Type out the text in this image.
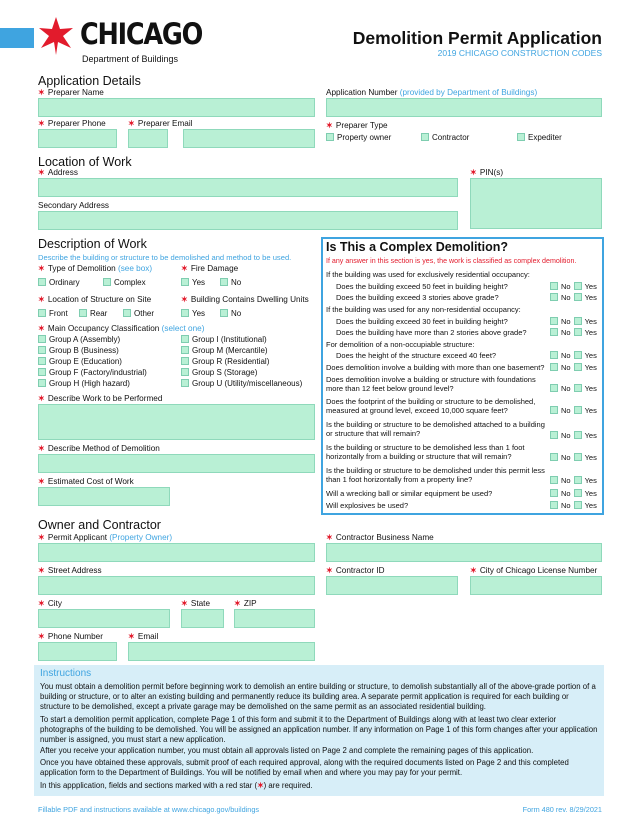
CHICAGO
Department of Buildings
Demolition Permit Application
2019 CHICAGO CONSTRUCTION CODES
Application Details
✶ Preparer Name	Application Number (provided by Department of Buildings)
✶ Preparer Phone	✶ Preparer Email	✶ Preparer Type
Property owner	Contractor	Expediter
Location of Work
✶ Address	✶ PIN(s)
Secondary Address
Description of Work
Describe the building or structure to be demolished and method to be used.
✶ Type of Demolition (see box)
Ordinary	Complex
✶ Fire Damage
Yes	No
✶ Location of Structure on Site
Front	Rear	Other
✶ Building Contains Dwelling Units
Yes	No
✶ Main Occupancy Classification (select one)
Group A (Assembly)
Group B (Business)
Group E (Education)
Group F (Factory/industrial)
Group H (High hazard)
Group I (Institutional)
Group M (Mercantile)
Group R (Residential)
Group S (Storage)
Group U (Utility/miscellaneous)
✶ Describe Work to be Performed
✶ Describe Method of Demolition
✶ Estimated Cost of Work
Is This a Complex Demolition?
If any answer in this section is yes, the work is classified as complex demolition.
If the building was used for exclusively residential occupancy:
Does the building exceed 50 feet in building height?	No Yes
Does the building exceed 3 stories above grade?	No Yes
If the building was used for any non-residential occupancy:
Does the building exceed 30 feet in building height?	No Yes
Does the building have more than 2 stories above grade?	No Yes
For demolition of a non-occupiable structure:
Does the height of the structure exceed 40 feet?	No Yes
Does demolition involve a building with more than one basement?	No Yes
Does demolition involve a building or structure with foundations more than 12 feet below ground level?	No Yes
Does the footprint of the building or structure to be demolished, measured at ground level, exceed 10,000 square feet?	No Yes
Is the building or structure to be demolished attached to a building or structure that will remain?	No Yes
Is the building or structure to be demolished less than 1 foot horizontally from a building or structure that will remain?	No Yes
Is the building or structure to be demolished under this permit less than 1 foot horizontally from a property line?	No Yes
Will a wrecking ball or similar equipment be used?	No Yes
Will explosives be used?	No Yes
Owner and Contractor
✶ Permit Applicant (Property Owner)	✶ Contractor Business Name
✶ Street Address	✶ Contractor ID	✶ City of Chicago License Number
✶ City	✶ State	✶ ZIP
✶ Phone Number	✶ Email
Instructions
You must obtain a demolition permit before beginning work to demolish an entire building or structure, to demolish substantially all of the above-grade portion of a building or structure, or to alter an existing building and permanently reduce its building area. A separate permit application is required for each building or structure to be demolished, except a private garage may be demolished on the same permit as an associated residential building.
To start a demolition permit application, complete Page 1 of this form and submit it to the Department of Buildings along with at least two clear exterior photographs of the building to be demolished. You will be assigned an application number. If any information on Page 1 of this form changes after your application number is assigned, you must start a new application.
After you receive your application number, you must obtain all approvals listed on Page 2 and complete the remaining pages of this application.
Once you have obtained these approvals, submit proof of each required approval, along with the required documents listed on Page 2 and this completed application form to the Department of Buildings. You will be notified by email when and where you may pay for your permit.
In this appplication, fields and sections marked with a red star (✶) are required.
Fillable PDF and instructions available at www.chicago.gov/buildings	Form 480 rev. 8/29/2021
